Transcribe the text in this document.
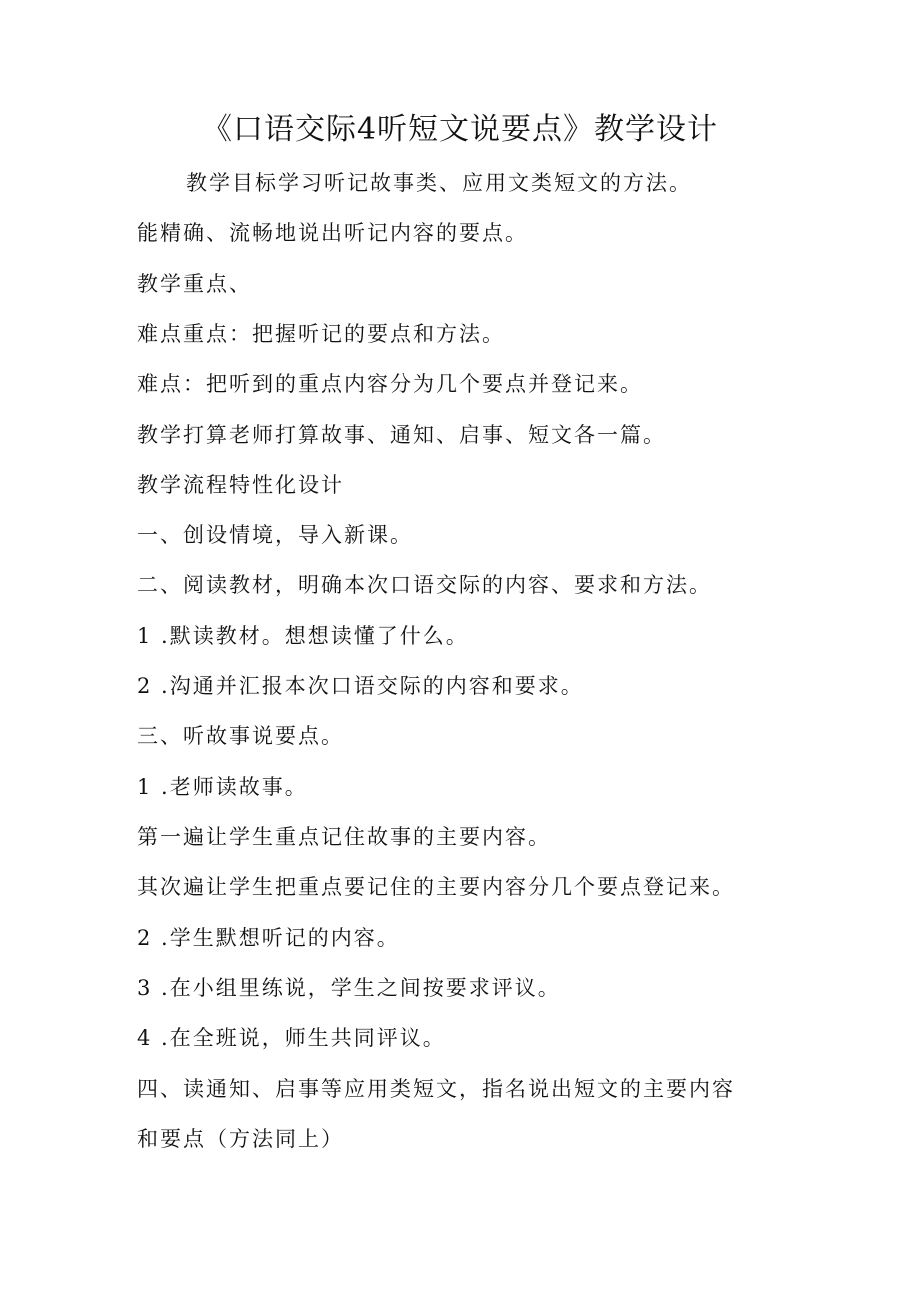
《口语交际4听短文说要点》教学设计
教学目标学习听记故事类、应用文类短文的方法。
能精确、流畅地说出听记内容的要点。
教学重点、
难点重点：把握听记的要点和方法。
难点：把听到的重点内容分为几个要点并登记来。
教学打算老师打算故事、通知、启事、短文各一篇。
教学流程特性化设计
一、创设情境，导入新课。
二、阅读教材，明确本次口语交际的内容、要求和方法。
1 .默读教材。想想读懂了什么。
2 .沟通并汇报本次口语交际的内容和要求。
三、听故事说要点。
1 .老师读故事。
第一遍让学生重点记住故事的主要内容。
其次遍让学生把重点要记住的主要内容分几个要点登记来。
2 .学生默想听记的内容。
3 .在小组里练说，学生之间按要求评议。
4 .在全班说，师生共同评议。
四、读通知、启事等应用类短文，指名说出短文的主要内容
和要点（方法同上）
